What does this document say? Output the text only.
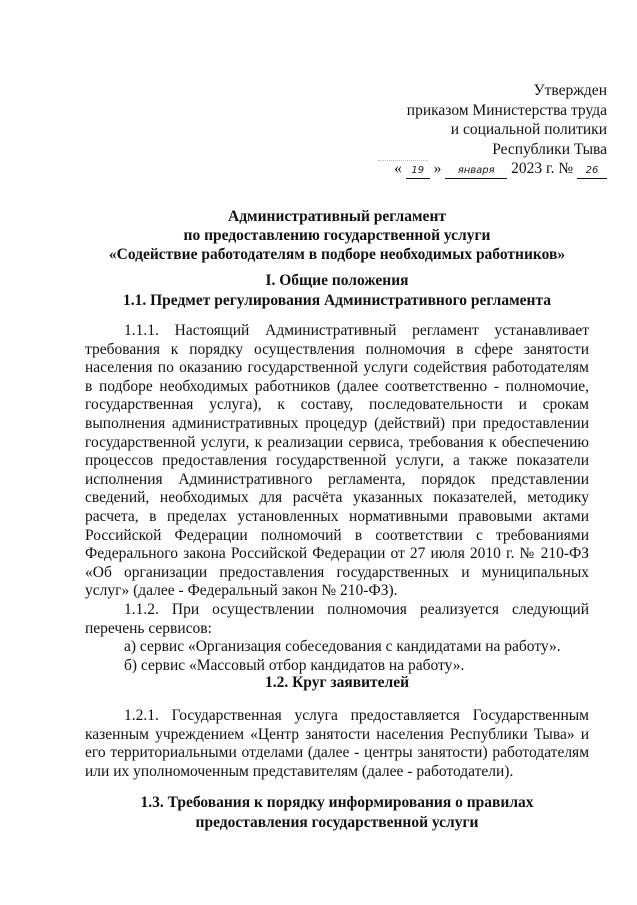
Утвержден
приказом Министерства труда
и социальной политики
Республики Тыва
« 19 » января 2023 г. № 26
Административный регламент
по предоставлению государственной услуги
«Содействие работодателям в подборе необходимых работников»
I. Общие положения
1.1. Предмет регулирования Административного регламента

1.1.1. Настоящий Административный регламент устанавливает требования к порядку осуществления полномочия в сфере занятости населения по оказанию государственной услуги содействия работодателям в подборе необходимых работников (далее соответственно - полномочие, государственная услуга), к составу, последовательности и срокам выполнения административных процедур (действий) при предоставлении государственной услуги, к реализации сервиса, требования к обеспечению процессов предоставления государственной услуги, а также показатели исполнения Административного регламента, порядок представлении сведений, необходимых для расчёта указанных показателей, методику расчета, в пределах установленных нормативными правовыми актами Российской Федерации полномочий в соответствии с требованиями Федерального закона Российской Федерации от 27 июля 2010 г. № 210-ФЗ «Об организации предоставления государственных и муниципальных услуг» (далее - Федеральный закон № 210-ФЗ).

1.1.2. При осуществлении полномочия реализуется следующий перечень сервисов:

а) сервис «Организация собеседования с кандидатами на работу».

б) сервис «Массовый отбор кандидатов на работу».

1.2. Круг заявителей

1.2.1. Государственная услуга предоставляется Государственным казенным учреждением «Центр занятости населения Республики Тыва» и его территориальными отделами (далее - центры занятости) работодателям или их уполномоченным представителям (далее - работодатели).

1.3. Требования к порядку информирования о правилах
предоставления государственной услуги
